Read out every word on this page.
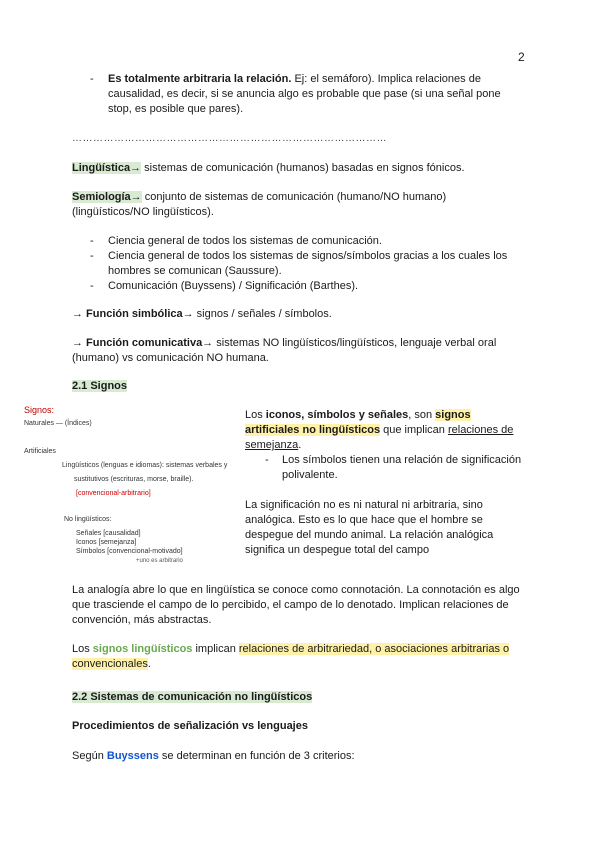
2
- Es totalmente arbitraria la relación. Ej: el semáforo). Implica relaciones de causalidad, es decir, si se anuncia algo es probable que pase (si una señal pone stop, es posible que pares).
………………………………………………………………………………
Lingüística→ sistemas de comunicación (humanos) basadas en signos fónicos.
Semiología→ conjunto de sistemas de comunicación (humano/NO humano) (lingüísticos/NO lingüísticos).
- Ciencia general de todos los sistemas de comunicación.
- Ciencia general de todos los sistemas de signos/símbolos gracias a los cuales los hombres se comunican (Saussure).
- Comunicación (Buyssens) / Significación (Barthes).
→ Función simbólica→ signos / señales / símbolos.
→ Función comunicativa→ sistemas NO lingüísticos/lingüísticos, lenguaje verbal oral (humano) vs comunicación NO humana.
2.1 Signos
Signos:
Naturales — (Índices)
Artificiales
Lingüísticos (lenguas e idiomas): sistemas verbales y
sustitutivos (escrituras, morse, braille).
[convencional-arbitrario]
No lingüísticos:
Señales [causalidad]
Iconos [semejanza]
Símbolos [convencional-motivado]
+uno es arbitrario
Los iconos, símbolos y señales, son signos artificiales no lingüísticos que implican relaciones de semejanza.
- Los símbolos tienen una relación de significación polivalente.
La significación no es ni natural ni arbitraria, sino analógica. Esto es lo que hace que el hombre se despegue del mundo animal. La relación analógica significa un despegue total del campo
La analogía abre lo que en lingüística se conoce como connotación. La connotación es algo que trasciende el campo de lo percibido, el campo de lo denotado. Implican relaciones de convención, más abstractas.
Los signos lingüísticos implican relaciones de arbitrariedad, o asociaciones arbitrarias o convencionales.
2.2 Sistemas de comunicación no lingüísticos
Procedimientos de señalización vs lenguajes
Según Buyssens se determinan en función de 3 criterios:
